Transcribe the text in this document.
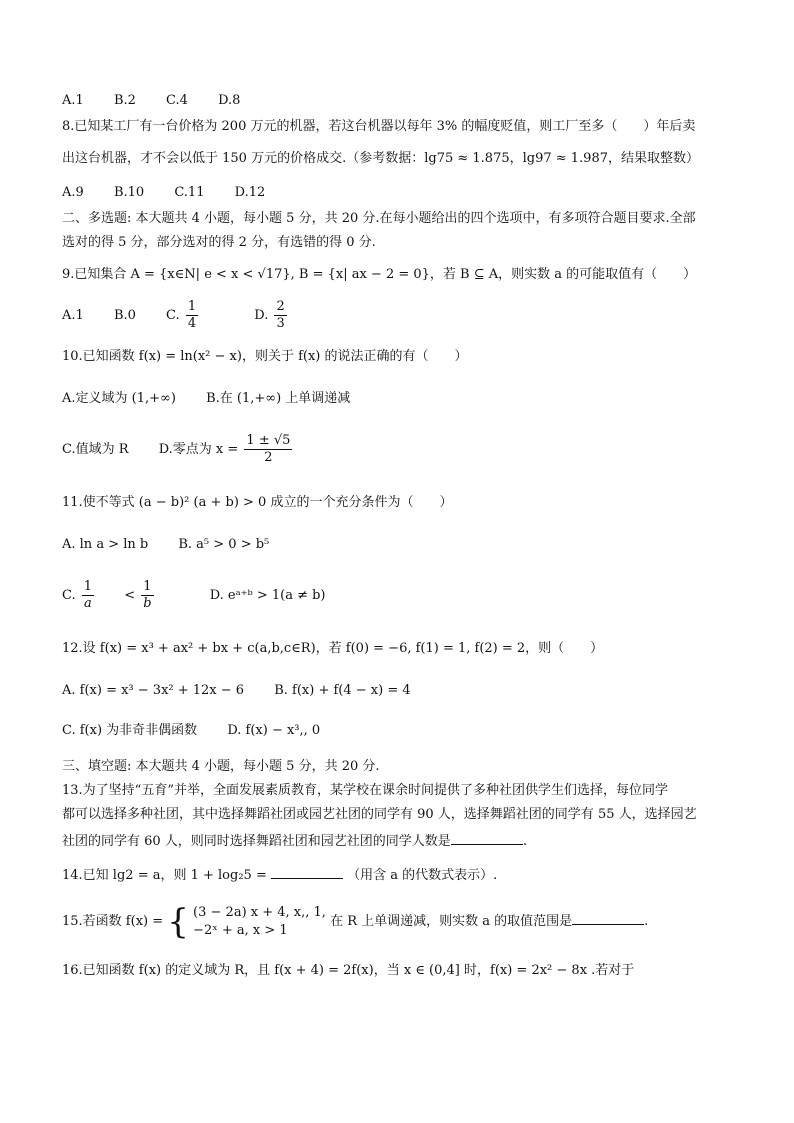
A.1 B.2 C.4 D.8
8.已知某工厂有一台价格为 200 万元的机器，若这台机器以每年 3% 的幅度贬值，则工厂至多（　　）年后卖
出这台机器，才不会以低于 150 万元的价格成交.（参考数据：lg75 ≈ 1.875，lg97 ≈ 1.987，结果取整数）
A.9 B.10 C.11 D.12
二、多选题: 本大题共 4 小题，每小题 5 分，共 20 分.在每小题给出的四个选项中，有多项符合题目要求.全部
选对的得 5 分，部分选对的得 2 分，有选错的得 0 分.
9.已知集合 A = {x∈N| e < x < √17}, B = {x| ax − 2 = 0}，若 B ⊆ A，则实数 a 的可能取值有（　　）
A.1 B.0 C. $\frac{1}{4} D$. $\frac{2}{3}$
10.已知函数 f(x) = ln(x² − x)，则关于 f(x) 的说法正确的有（　　）
A.定义域为 (1,+∞) B.在 (1,+∞) 上单调递减
C.值域为 R D.零点为 $x = \frac{1 \pm √5}{2}$
11.使不等式 (a − b)² (a + b) > 0 成立的一个充分条件为（　　）
A. ln a > ln b B. a⁵ > 0 > b⁵
C. $\frac{1}{a} < \frac{1}{b} D$. eᵃ⁺ᵇ > 1(a ≠ b)
12.设 f(x) = x³ + ax² + bx + c(a,b,c∈R)，若 f(0) = −6, f(1) = 1, f(2) = 2，则（　　）
A. f(x) = x³ − 3x² + 12x − 6 B. f(x) + f(4 − x) = 4
C. f(x) 为非奇非偶函数 D. f(x) − x³,, 0
三、填空题: 本大题共 4 小题，每小题 5 分，共 20 分.
13.为了坚持“五育”并举，全面发展素质教育，某学校在课余时间提供了多种社团供学生们选择，每位同学
都可以选择多种社团，其中选择舞蹈社团或园艺社团的同学有 90 人，选择舞蹈社团的同学有 55 人，选择园艺
社团的同学有 60 人，则同时选择舞蹈社团和园艺社团的同学人数是	.
14.已知 lg2 = a，则 1 + log₂5 =	（用含 a 的代数式表示）.
15.若函数 f(x) = { (3 − 2a) x + 4, x,, 1,
−2ˣ + a, x > 1
在 R 上单调递减，则实数 a 的取值范围是	.
16.已知函数 f(x) 的定义域为 R，且 f(x + 4) = 2f(x)，当 x ∈ (0,4] 时，f(x) = 2x² − 8x .若对于
